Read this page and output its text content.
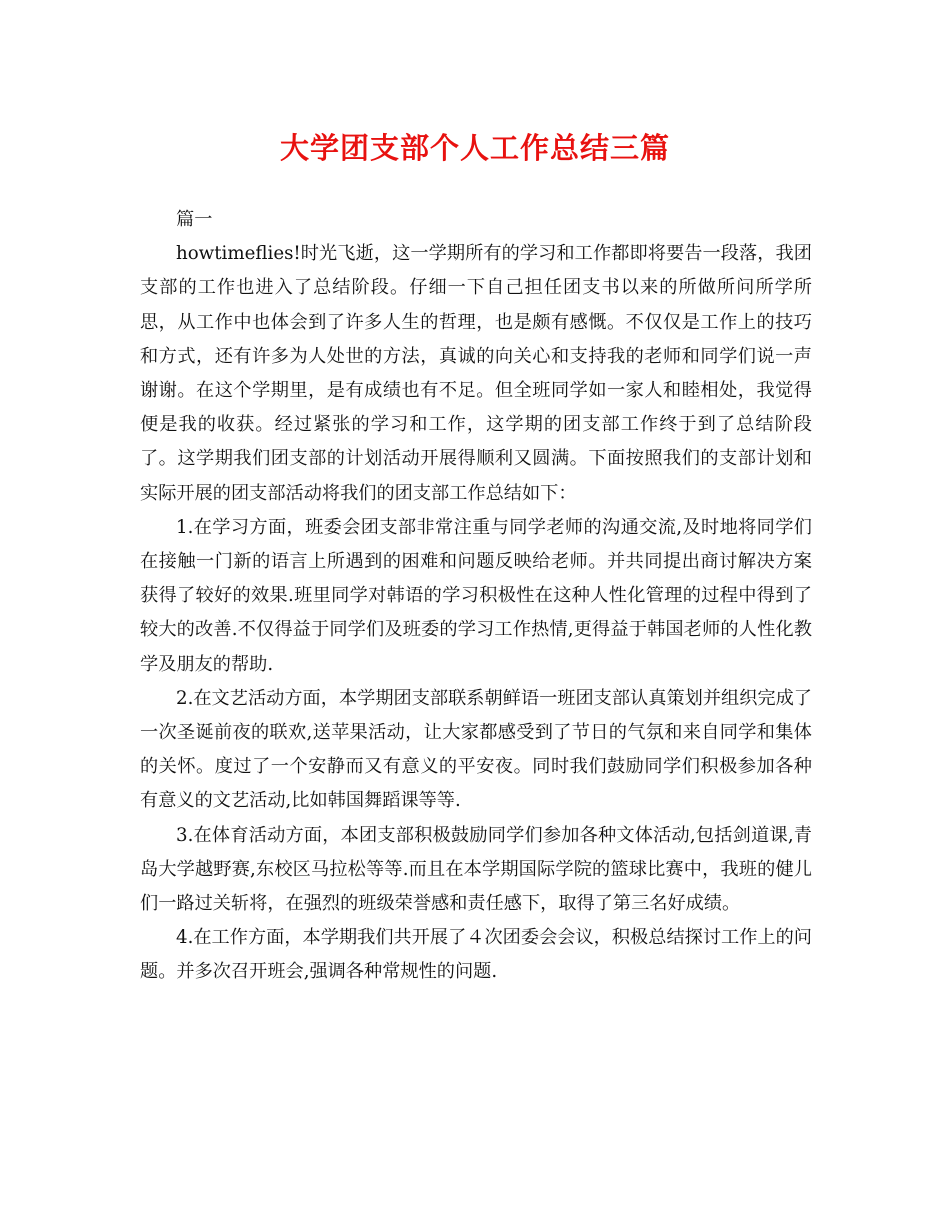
大学团支部个人工作总结三篇

篇一

howtimeflies!时光飞逝，这一学期所有的学习和工作都即将要告一段落，我团支部的工作也进入了总结阶段。仔细一下自己担任团支书以来的所做所问所学所思，从工作中也体会到了许多人生的哲理，也是颇有感慨。不仅仅是工作上的技巧和方式，还有许多为人处世的方法，真诚的向关心和支持我的老师和同学们说一声谢谢。在这个学期里，是有成绩也有不足。但全班同学如一家人和睦相处，我觉得便是我的收获。经过紧张的学习和工作，这学期的团支部工作终于到了总结阶段了。这学期我们团支部的计划活动开展得顺利又圆满。下面按照我们的支部计划和实际开展的团支部活动将我们的团支部工作总结如下：

1.在学习方面，班委会团支部非常注重与同学老师的沟通交流,及时地将同学们在接触一门新的语言上所遇到的困难和问题反映给老师。并共同提出商讨解决方案获得了较好的效果.班里同学对韩语的学习积极性在这种人性化管理的过程中得到了较大的改善.不仅得益于同学们及班委的学习工作热情,更得益于韩国老师的人性化教学及朋友的帮助.

2.在文艺活动方面，本学期团支部联系朝鲜语一班团支部认真策划并组织完成了一次圣诞前夜的联欢,送苹果活动，让大家都感受到了节日的气氛和来自同学和集体的关怀。度过了一个安静而又有意义的平安夜。同时我们鼓励同学们积极参加各种有意义的文艺活动,比如韩国舞蹈课等等.

3.在体育活动方面，本团支部积极鼓励同学们参加各种文体活动,包括剑道课,青岛大学越野赛,东校区马拉松等等.而且在本学期国际学院的篮球比赛中，我班的健儿们一路过关斩将，在强烈的班级荣誉感和责任感下，取得了第三名好成绩。

4.在工作方面，本学期我们共开展了４次团委会会议，积极总结探讨工作上的问题。并多次召开班会,强调各种常规性的问题.
